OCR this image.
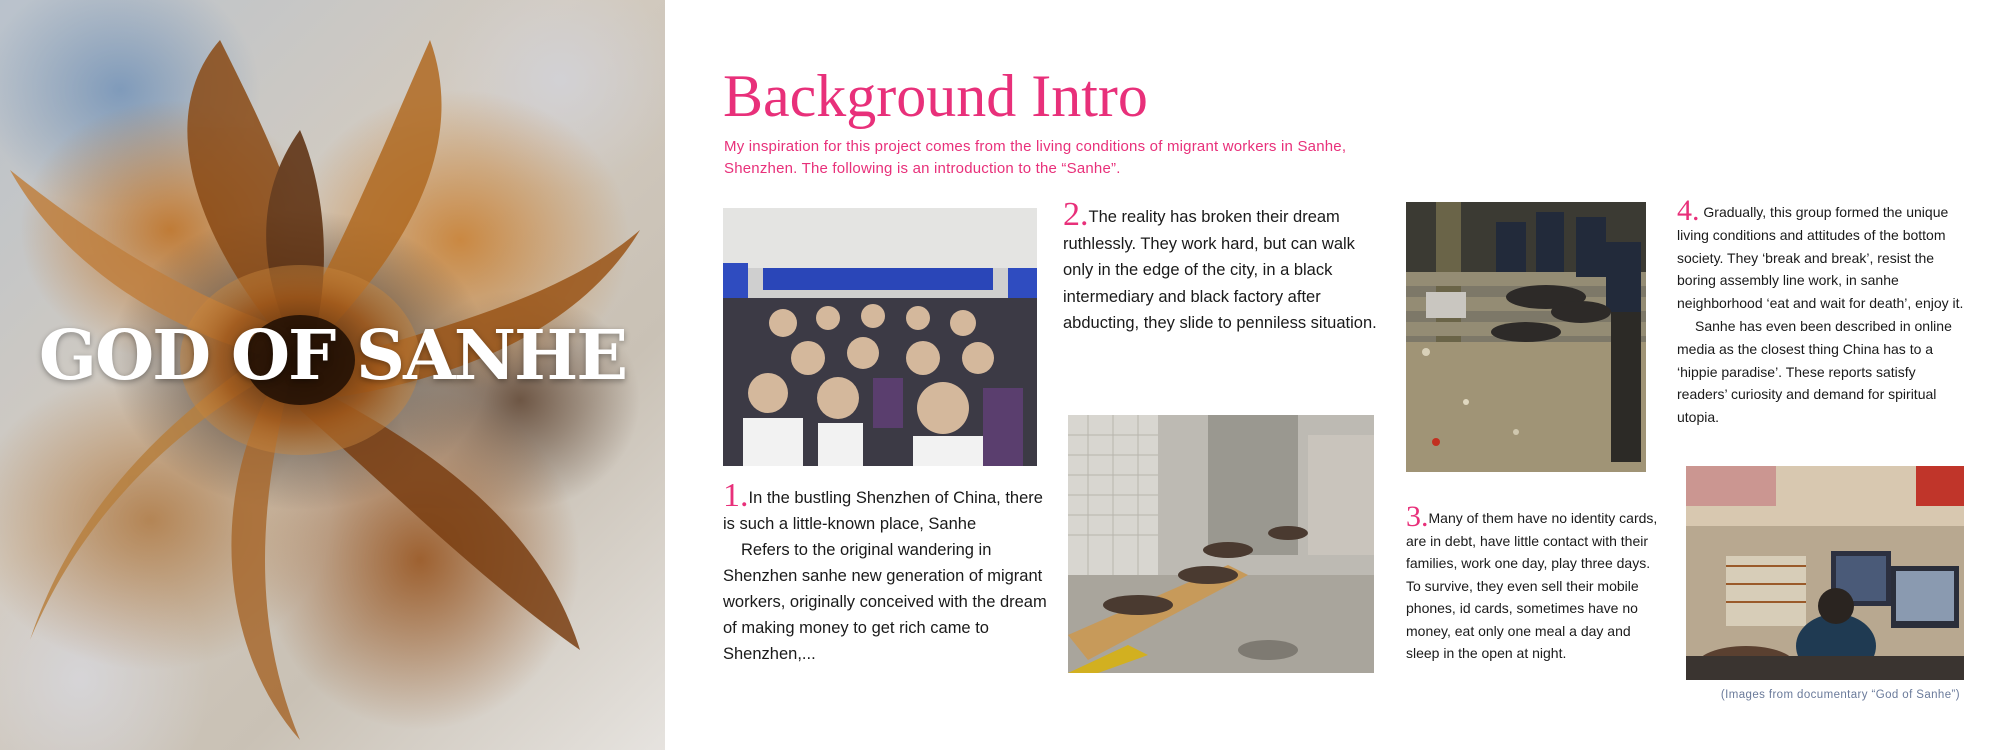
GOD OF SANHE
Background Intro
My inspiration for this project comes from the living conditions of migrant workers in Sanhe, Shenzhen. The following is an introduction to the “Sanhe”.

1.In the bustling Shenzhen of China, there is such a little-known place, Sanhe

Refers to the original wandering in Shenzhen sanhe new generation of migrant workers, originally conceived with the dream of making money to get rich came to Shenzhen,...

2.The reality has broken their dream ruthlessly. They work hard, but can walk only in the edge of the city, in a black intermediary and black factory after abducting, they slide to penniless situation.

3.Many of them have no identity cards, are in debt, have little contact with their families, work one day, play three days. To survive, they even sell their mobile phones, id cards, sometimes have no money, eat only one meal a day and sleep in the open at night.

4. Gradually, this group formed the unique living conditions and attitudes of the bottom society. They ‘break and break’, resist the boring assembly line work, in sanhe neighborhood ‘eat and wait for death’, enjoy it.

Sanhe has even been described in online media as the closest thing China has to a ‘hippie paradise’. These reports satisfy readers’ curiosity and demand for spiritual utopia.

(Images from documentary “God of Sanhe”)
